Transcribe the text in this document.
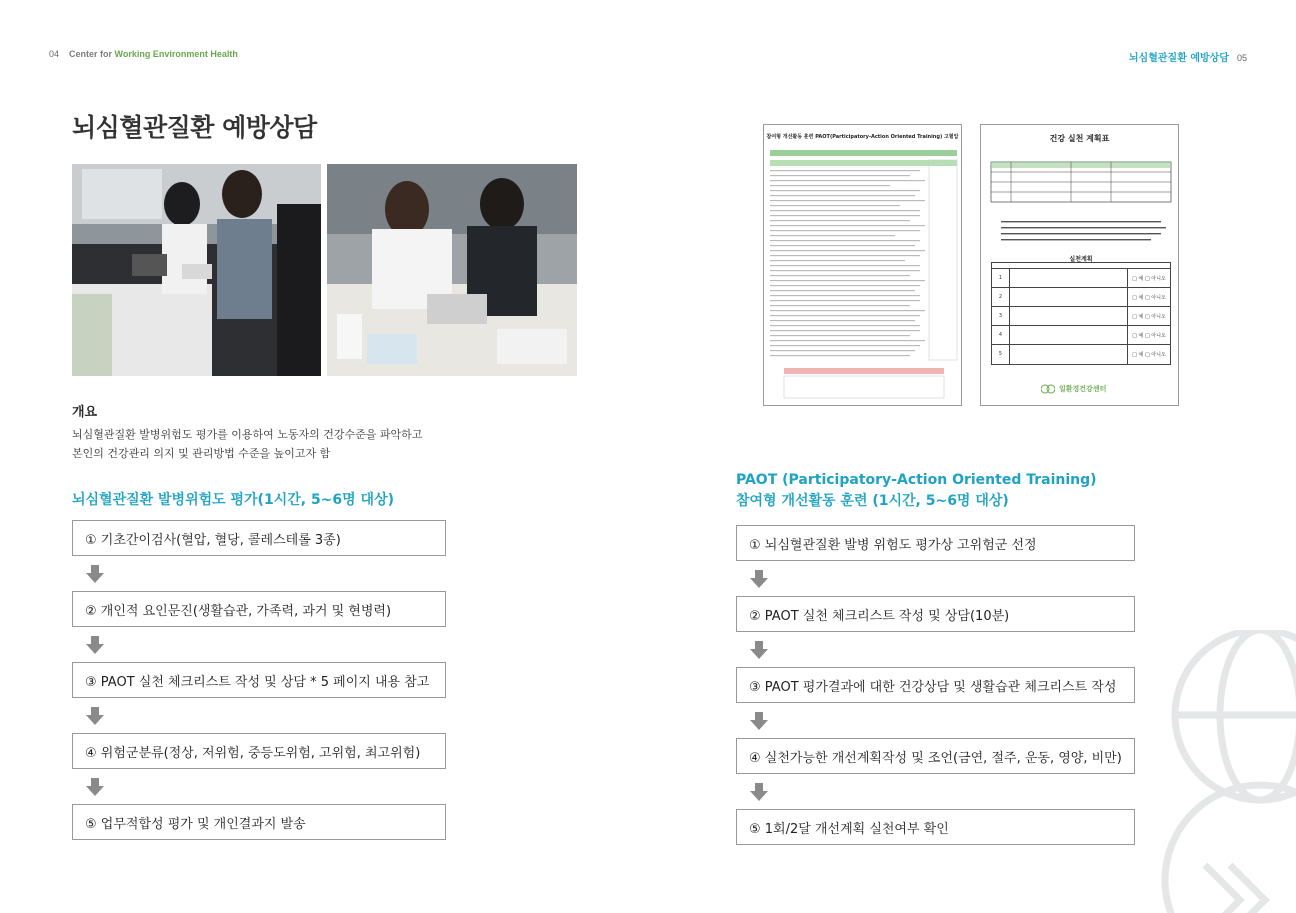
04 Center for Working Environment Health	뇌심혈관질환 예방상담 05
뇌심혈관질환 예방상담
개요
뇌심혈관질환 발병위험도 평가를 이용하여 노동자의 건강수준을 파악하고
본인의 건강관리 의지 및 관리방법 수준을 높이고자 함
뇌심혈관질환 발병위험도 평가(1시간, 5~6명 대상)
① 기초간이검사(혈압, 혈당, 콜레스테롤 3종)
② 개인적 요인문진(생활습관, 가족력, 과거 및 현병력)
③ PAOT 실천 체크리스트 작성 및 상담 * 5 페이지 내용 참고
④ 위험군분류(정상, 저위험, 중등도위험, 고위험, 최고위험)
⑤ 업무적합성 평가 및 개인결과지 발송
참여형 개선활동 훈련 PAOT(Participatory-Action Oriented Training) 고혈압	건강 실천 계획표
실천계획
1	□ 예 □ 아니오
2	□ 예 □ 아니오
3	□ 예 □ 아니오
4	□ 예 □ 아니오
5	□ 예 □ 아니오
일환경건강센터
PAOT (Participatory-Action Oriented Training)
참여형 개선활동 훈련 (1시간, 5~6명 대상)
① 뇌심혈관질환 발병 위험도 평가상 고위험군 선정
② PAOT 실천 체크리스트 작성 및 상담(10분)
③ PAOT 평가결과에 대한 건강상담 및 생활습관 체크리스트 작성
④ 실천가능한 개선계획작성 및 조언(금연, 절주, 운동, 영양, 비만)
⑤ 1회/2달 개선계획 실천여부 확인
